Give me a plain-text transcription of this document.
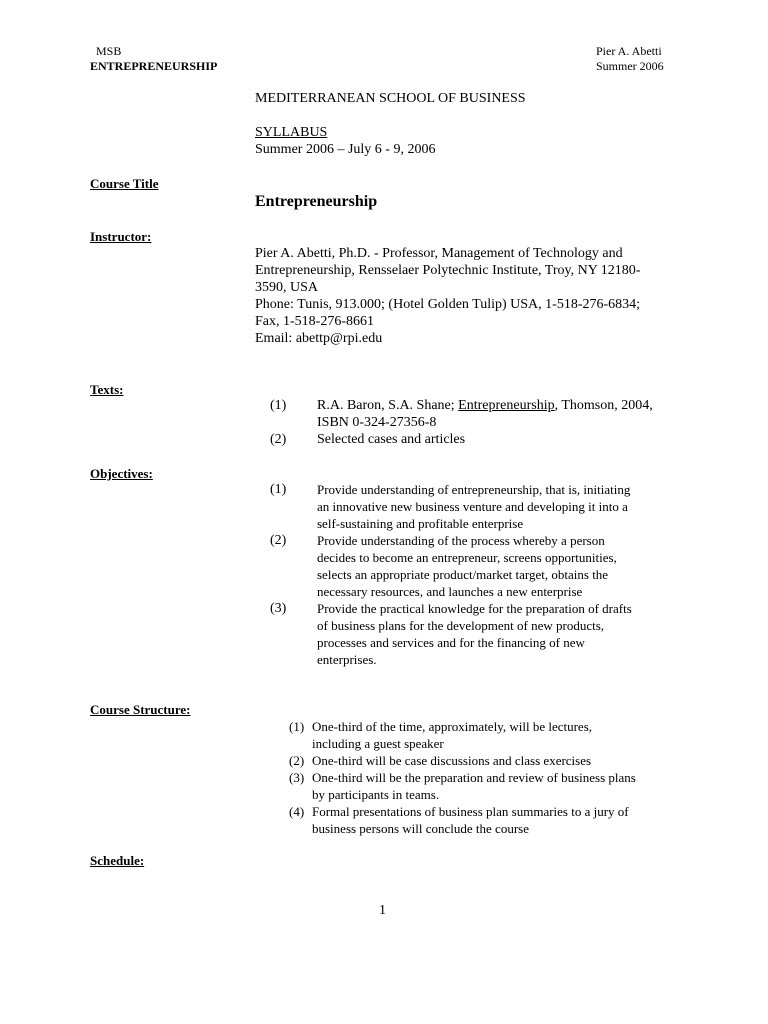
MSB
ENTREPRENEURSHIP
Pier A. Abetti
Summer 2006
MEDITERRANEAN SCHOOL OF BUSINESS
SYLLABUS
Summer 2006 – July 6 - 9, 2006
Course Title
Entrepreneurship
Instructor:
Pier A. Abetti, Ph.D. - Professor, Management of Technology and
Entrepreneurship, Rensselaer Polytechnic Institute, Troy, NY 12180-
3590, USA
Phone: Tunis, 913.000; (Hotel Golden Tulip) USA, 1-518-276-6834;
Fax, 1-518-276-8661
Email: abettp@rpi.edu
Texts:
(1) R.A. Baron, S.A. Shane; Entrepreneurship, Thomson, 2004,
ISBN 0-324-27356-8
(2) Selected cases and articles
Objectives:
(1) Provide understanding of entrepreneurship, that is, initiating
an innovative new business venture and developing it into a
self-sustaining and profitable enterprise
(2) Provide understanding of the process whereby a person
decides to become an entrepreneur, screens opportunities,
selects an appropriate product/market target, obtains the
necessary resources, and launches a new enterprise
(3) Provide the practical knowledge for the preparation of drafts
of business plans for the development of new products,
processes and services and for the financing of new
enterprises.
Course Structure:
(1) One-third of the time, approximately, will be lectures,
including a guest speaker
(2) One-third will be case discussions and class exercises
(3) One-third will be the preparation and review of business plans
by participants in teams.
(4) Formal presentations of business plan summaries to a jury of
business persons will conclude the course
Schedule:
1
